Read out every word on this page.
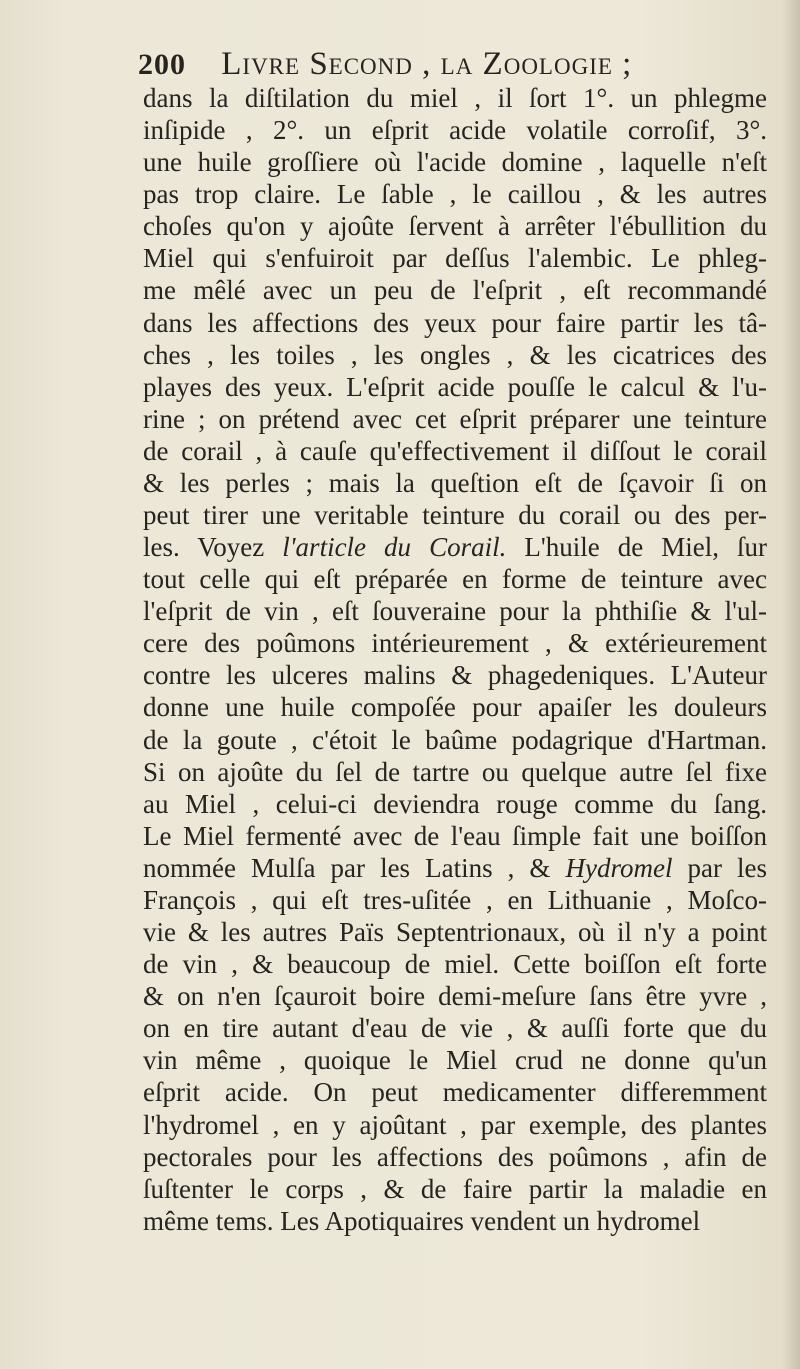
200 Livre Second , la Zoologie ;
dans la diſtilation du miel , il ſort 1°. un phlegme
inſipide , 2°. un eſprit acide volatile corroſif, 3°.
une huile groſſiere où l'acide domine , laquelle n'eſt
pas trop claire. Le ſable , le caillou , & les autres
choſes qu'on y ajoûte ſervent à arrêter l'ébullition du
Miel qui s'enfuiroit par deſſus l'alembic. Le phleg-
me mêlé avec un peu de l'eſprit , eſt recommandé
dans les affections des yeux pour faire partir les tâ-
ches , les toiles , les ongles , & les cicatrices des
playes des yeux. L'eſprit acide pouſſe le calcul & l'u-
rine ; on prétend avec cet eſprit préparer une teinture
de corail , à cauſe qu'effectivement il diſſout le corail
& les perles ; mais la queſtion eſt de ſçavoir ſi on
peut tirer une veritable teinture du corail ou des per-
les. Voyez l'article du Corail. L'huile de Miel, ſur
tout celle qui eſt préparée en forme de teinture avec
l'eſprit de vin , eſt ſouveraine pour la phthiſie & l'ul-
cere des poûmons intérieurement , & extérieurement
contre les ulceres malins & phagedeniques. L'Auteur
donne une huile compoſée pour apaiſer les douleurs
de la goute , c'étoit le baûme podagrique d'Hartman.
Si on ajoûte du ſel de tartre ou quelque autre ſel fixe
au Miel , celui-ci deviendra rouge comme du ſang.
Le Miel fermenté avec de l'eau ſimple fait une boiſſon
nommée Mulſa par les Latins , & Hydromel par les
François , qui eſt tres-uſitée , en Lithuanie , Moſco-
vie & les autres Païs Septentrionaux, où il n'y a point
de vin , & beaucoup de miel. Cette boiſſon eſt forte
& on n'en ſçauroit boire demi-meſure ſans être yvre ,
on en tire autant d'eau de vie , & auſſi forte que du
vin même , quoique le Miel crud ne donne qu'un
eſprit acide. On peut medicamenter differemment
l'hydromel , en y ajoûtant , par exemple, des plantes
pectorales pour les affections des poûmons , afin de
ſuſtenter le corps , & de faire partir la maladie en
même tems. Les Apotiquaires vendent un hydromel
